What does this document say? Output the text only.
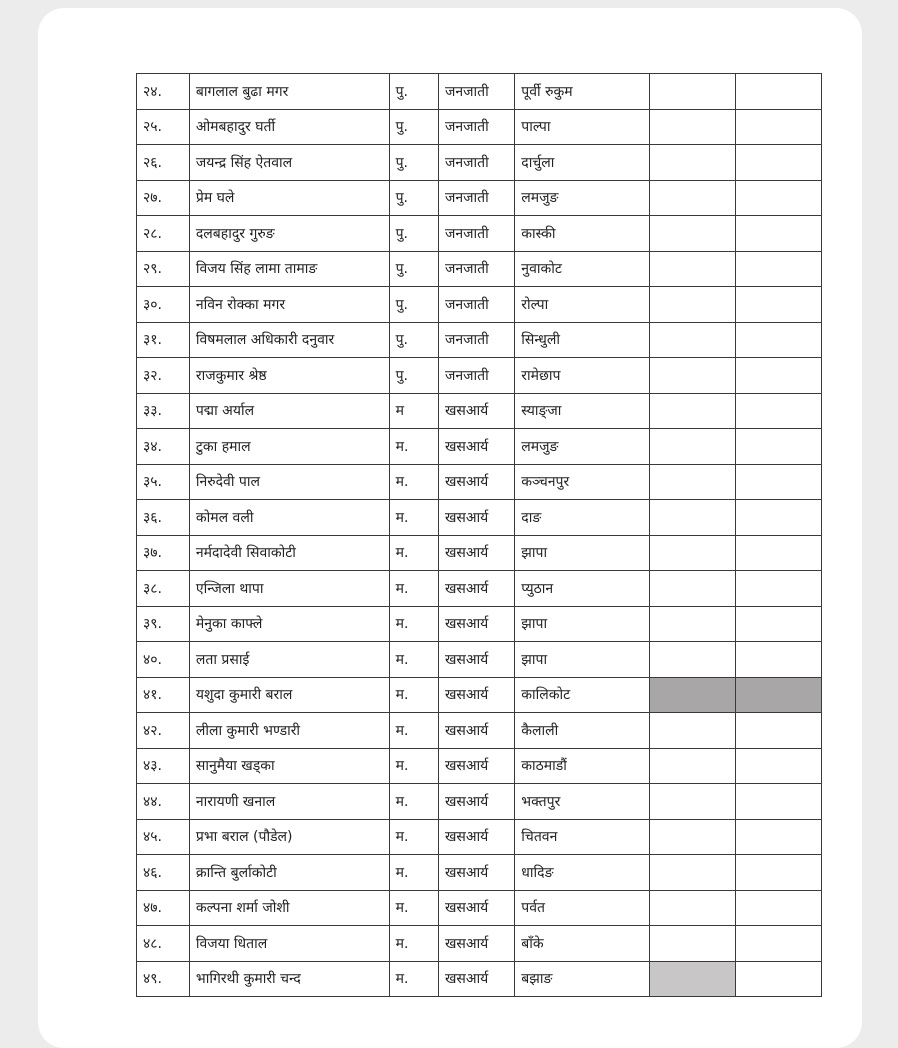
२४.	बागलाल बुढा मगर	पु.	जनजाती	पूर्वी रुकुम		
२५.	ओमबहादुर घर्ती	पु.	जनजाती	पाल्पा		
२६.	जयन्द्र सिंह ऐतवाल	पु.	जनजाती	दार्चुला		
२७.	प्रेम घले	पु.	जनजाती	लमजुङ		
२८.	दलबहादुर गुरुङ	पु.	जनजाती	कास्की		
२९.	विजय सिंह लामा तामाङ	पु.	जनजाती	नुवाकोट		
३०.	नविन रोक्का मगर	पु.	जनजाती	रोल्पा		
३१.	विषमलाल अधिकारी दनुवार	पु.	जनजाती	सिन्धुली		
३२.	राजकुमार श्रेष्ठ	पु.	जनजाती	रामेछाप		
३३.	पद्मा अर्याल	म	खसआर्य	स्याङ्जा		
३४.	टुका हमाल	म.	खसआर्य	लमजुङ		
३५.	निरुदेवी पाल	म.	खसआर्य	कञ्चनपुर		
३६.	कोमल वली	म.	खसआर्य	दाङ		
३७.	नर्मदादेवी सिवाकोटी	म.	खसआर्य	झापा		
३८.	एन्जिला थापा	म.	खसआर्य	प्युठान		
३९.	मेनुका काफ्ले	म.	खसआर्य	झापा		
४०.	लता प्रसाई	म.	खसआर्य	झापा		
४१.	यशुदा कुमारी बराल	म.	खसआर्य	कालिकोट		
४२.	लीला कुमारी भण्डारी	म.	खसआर्य	कैलाली		
४३.	सानुमैया खड्का	म.	खसआर्य	काठमाडौं		
४४.	नारायणी खनाल	म.	खसआर्य	भक्तपुर		
४५.	प्रभा बराल (पौडेल)	म.	खसआर्य	चितवन		
४६.	क्रान्ति बुर्लाकोटी	म.	खसआर्य	धादिङ		
४७.	कल्पना शर्मा जोशी	म.	खसआर्य	पर्वत		
४८.	विजया धिताल	म.	खसआर्य	बाँके		
४९.	भागिरथी कुमारी चन्द	म.	खसआर्य	बझाङ		
